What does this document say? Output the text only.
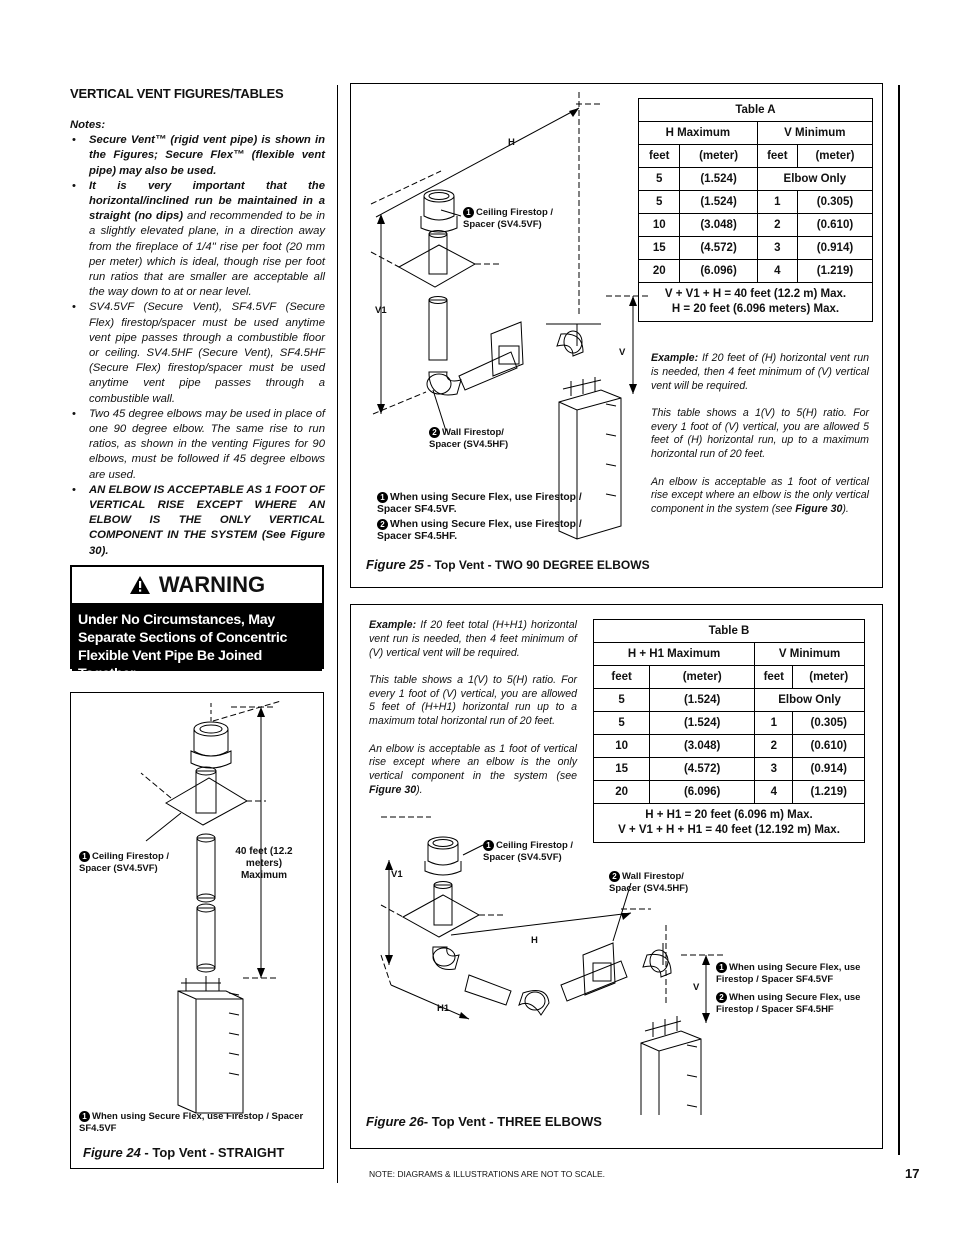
VERTICAL VENT FIGURES/TABLES
Notes:
• Secure Vent™ (rigid vent pipe) is shown in the Figures; Secure Flex™ (flexible vent pipe) may also be used.
• It is very important that the horizontal/inclined run be maintained in a straight (no dips) and recommended to be in a slightly elevated plane, in a direction away from the fireplace of 1/4" rise per foot (20 mm per meter) which is ideal, though rise per foot run ratios that are smaller are acceptable all the way down to at or near level.
• SV4.5VF (Secure Vent), SF4.5VF (Secure Flex) firestop/spacer must be used anytime vent pipe passes through a combustible floor or ceiling. SV4.5HF (Secure Vent), SF4.5HF (Secure Flex) firestop/spacer must be used anytime vent pipe passes through a combustible wall.
• Two 45 degree elbows may be used in place of one 90 degree elbow. The same rise to run ratios, as shown in the venting Figures for 90 elbows, must be followed if 45 degree elbows are used.
• AN ELBOW IS ACCEPTABLE AS 1 FOOT OF VERTICAL RISE EXCEPT WHERE AN ELBOW IS THE ONLY VERTICAL COMPONENT IN THE SYSTEM (See Figure 30).
WARNING
Under No Circumstances, May Separate Sections of Concentric Flexible Vent Pipe Be Joined Together.
1 Ceiling Firestop / Spacer (SV4.5VF)
40 feet (12.2 meters) Maximum
1 When using Secure Flex, use Firestop / Spacer SF4.5VF
Figure 24 - Top Vent - STRAIGHT
H
V1
V
1 Ceiling Firestop / Spacer (SV4.5VF)
2 Wall Firestop/ Spacer (SV4.5HF)
1 When using Secure Flex, use Firestop / Spacer SF4.5VF.
2 When using Secure Flex, use Firestop / Spacer SF4.5HF.
Figure 25 - Top Vent - TWO 90 DEGREE ELBOWS
Table A			
H Maximum		V Minimum	
feet	(meter)	feet	(meter)
5	(1.524)	Elbow Only	
5	(1.524)	1	(0.305)
10	(3.048)	2	(0.610)
15	(4.572)	3	(0.914)
20	(6.096)	4	(1.219)

V + V1 + H = 40 feet (12.2 m) Max.
H = 20 feet (6.096 meters) Max.			

Example: If 20 feet of (H) horizontal vent run is needed, then 4 feet minimum of (V) vertical vent will be required.

This table shows a 1(V) to 5(H) ratio. For every 1 foot of (V) vertical, you are allowed 5 feet of (H) horizontal run, up to a maximum horizontal run of 20 feet.

An elbow is acceptable as 1 foot of vertical rise except where an elbow is the only vertical component in the system (see Figure 30).

Example: If 20 feet total (H+H1) horizontal vent run is needed, then 4 feet minimum of (V) vertical vent will be required.

This table shows a 1(V) to 5(H) ratio. For every 1 foot of (V) vertical, you are allowed 5 feet of (H+H1) horizontal run up to a maximum total horizontal run of 20 feet.

An elbow is acceptable as 1 foot of vertical rise except where an elbow is the only vertical component in the system (see Figure 30).

Table B			
H + H1 Maximum		V Minimum	
feet	(meter)	feet	(meter)
5	(1.524)	Elbow Only	
5	(1.524)	1	(0.305)
10	(3.048)	2	(0.610)
15	(4.572)	3	(0.914)
20	(6.096)	4	(1.219)

H + H1 = 20 feet (6.096 m) Max.
V + V1 + H + H1 = 40 feet (12.192 m) Max.			
V1
H
H1
V
1 Ceiling Firestop / Spacer (SV4.5VF)
2 Wall Firestop/ Spacer (SV4.5HF)
1 When using Secure Flex, use Firestop / Spacer SF4.5VF
2 When using Secure Flex, use Firestop / Spacer SF4.5HF
Figure 26- Top Vent - THREE ELBOWS
NOTE: DIAGRAMS & ILLUSTRATIONS ARE NOT TO SCALE.	17
